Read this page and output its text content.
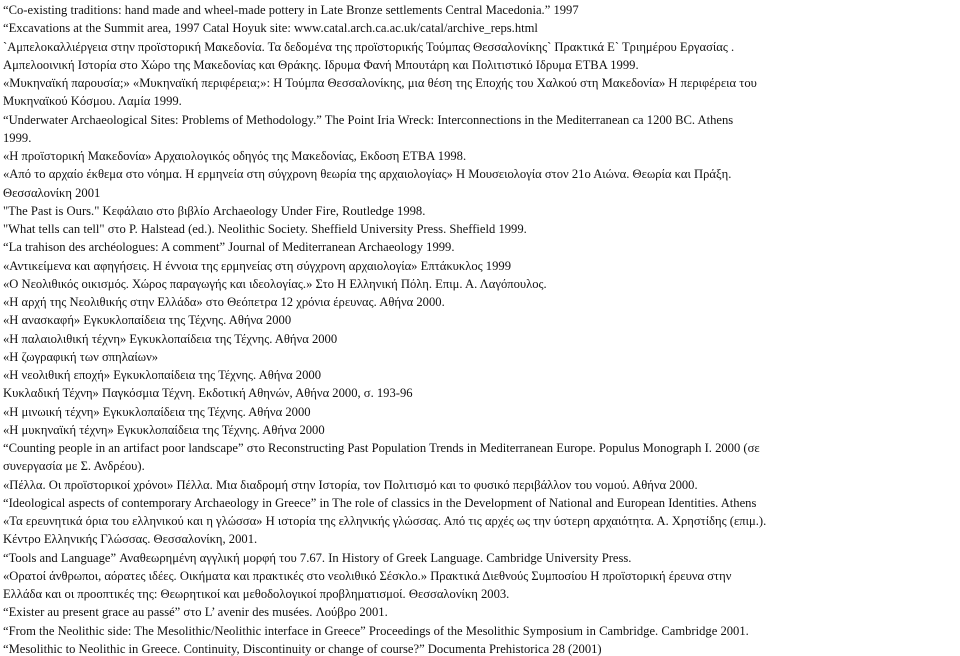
“Co-existing traditions: hand made and wheel-made pottery in Late Bronze settlements Central Macedonia.” 1997
“Excavations at the Summit area, 1997 Catal Hoyuk site: www.catal.arch.ca.ac.uk/catal/archive_reps.html
`Αμπελοκαλλιέργεια στην προϊστορική Μακεδονία. Τα δεδομένα της προϊστορικής Τούμπας Θεσσαλονίκης` Πρακτικά Ε` Τριημέρου Εργασίας .
Αμπελοοινική Ιστορία στο Χώρο της Μακεδονίας και Θράκης. Ιδρυμα Φανή Μπουτάρη και Πολιτιστικό Ιδρυμα ΕΤΒΑ 1999.
«Μυκηναϊκή παρουσία;» «Μυκηναϊκή περιφέρεια;»: Η Τούμπα Θεσσαλονίκης, μια θέση της Εποχής του Χαλκού στη Μακεδονία» Η περιφέρεια του
Μυκηναϊκού Κόσμου. Λαμία 1999.
“Underwater Archaeological Sites: Problems of Methodology.” The Point Iria Wreck: Interconnections in the Mediterranean ca 1200 BC. Athens
1999.
«Η προϊστορική Μακεδονία» Αρχαιολογικός οδηγός της Μακεδονίας, Εκδοση ΕΤΒΑ 1998.
«Από το αρχαίο έκθεμα στο νόημα. Η ερμηνεία στη σύγχρονη θεωρία της αρχαιολογίας» Η Μουσειολογία στον 21ο Αιώνα. Θεωρία και Πράξη.
Θεσσαλονίκη 2001
"The Past is Ours." Κεφάλαιο στο βιβλίο Archaeology Under Fire, Routledge 1998.
"What tells can tell" στο P. Halstead (ed.). Neolithic Society. Sheffield University Press. Sheffield 1999.
“La trahison des archéologues: A comment” Journal of Mediterranean Archaeology 1999.
«Αντικείμενα και αφηγήσεις. Η έννοια της ερμηνείας στη σύγχρονη αρχαιολογία» Επτάκυκλος 1999
«Ο Νεολιθικός οικισμός. Χώρος παραγωγής και ιδεολογίας.» Στο Η Ελληνική Πόλη. Επιμ. Α. Λαγόπουλος.
«Η αρχή της Νεολιθικής στην Ελλάδα» στο Θεόπετρα 12 χρόνια έρευνας. Αθήνα 2000.
«Η ανασκαφή» Εγκυκλοπαίδεια της Τέχνης. Αθήνα 2000
«Η παλαιολιθική τέχνη» Εγκυκλοπαίδεια της Τέχνης. Αθήνα 2000
«Η ζωγραφική των σπηλαίων»
«Η νεολιθική εποχή» Εγκυκλοπαίδεια της Τέχνης. Αθήνα 2000
Κυκλαδική Τέχνη» Παγκόσμια Τέχνη. Εκδοτική Αθηνών, Αθήνα 2000, σ. 193-96
«Η μινωική τέχνη» Εγκυκλοπαίδεια της Τέχνης. Αθήνα 2000
«Η μυκηναϊκή τέχνη» Εγκυκλοπαίδεια της Τέχνης. Αθήνα 2000
“Counting people in an artifact poor landscape” στο Reconstructing Past Population Trends in Mediterranean Europe. Populus Monograph I. 2000 (σε
συνεργασία με Σ. Ανδρέου).
«Πέλλα. Οι προϊστορικοί χρόνοι» Πέλλα. Μια διαδρομή στην Ιστορία, τον Πολιτισμό και το φυσικό περιβάλλον του νομού. Αθήνα 2000.
“Ideological aspects of contemporary Archaeology in Greece” in The role of classics in the Development of National and European Identities. Athens
«Τα ερευνητικά όρια του ελληνικού και η γλώσσα» Η ιστορία της ελληνικής γλώσσας. Από τις αρχές ως την ύστερη αρχαιότητα. Α. Χρηστίδης (επιμ.).
Κέντρο Ελληνικής Γλώσσας. Θεσσαλονίκη, 2001.
“Tools and Language” Αναθεωρημένη αγγλική μορφή του 7.67. In History of Greek Language. Cambridge University Press.
«Ορατοί άνθρωποι, αόρατες ιδέες. Οικήματα και πρακτικές στο νεολιθικό Σέσκλο.» Πρακτικά Διεθνούς Συμποσίου Η προϊστορική έρευνα στην
Ελλάδα και οι προοπτικές της: Θεωρητικοί και μεθοδολογικοί προβληματισμοί. Θεσσαλονίκη 2003.
“Exister au present grace au passé” στο L’ avenir des musées. Λούβρο 2001.
“From the Neolithic side: The Mesolithic/Neolithic interface in Greece” Proceedings of the Mesolithic Symposium in Cambridge. Cambridge 2001.
“Mesolithic to Neolithic in Greece. Continuity, Discontinuity or change of course?” Documenta Prehistorica 28 (2001)
